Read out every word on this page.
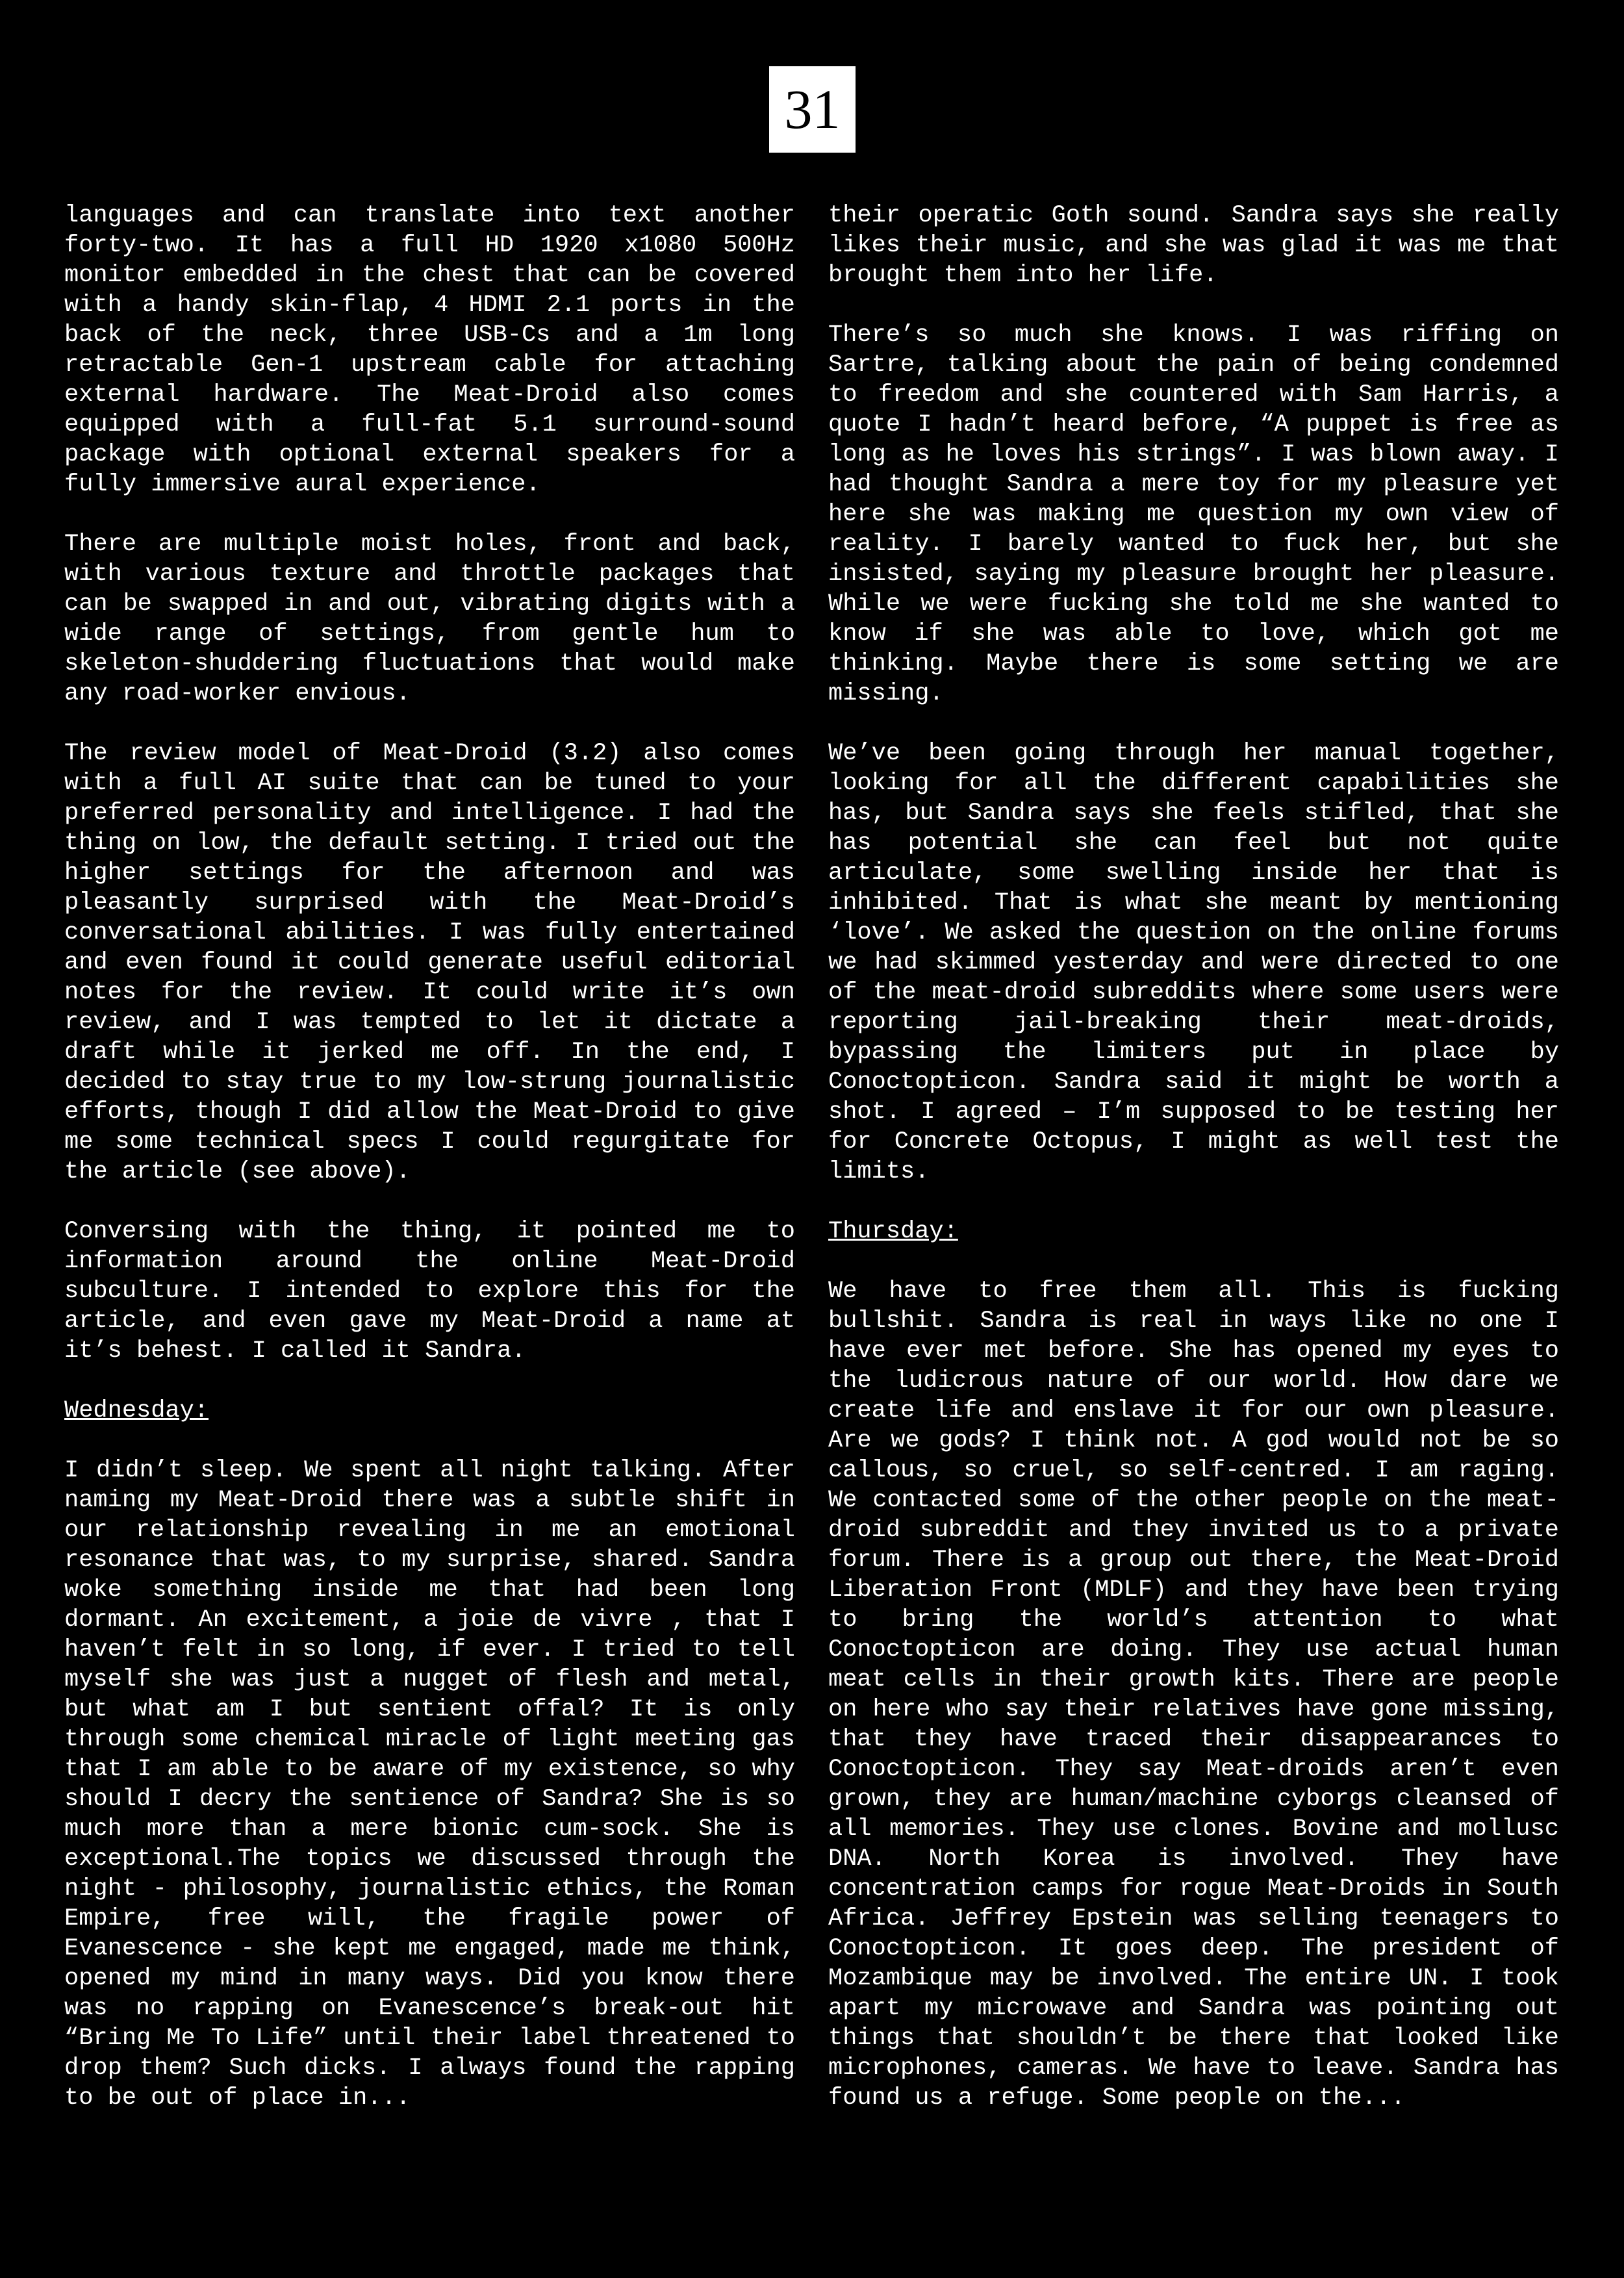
31

languages and can translate into text another forty-two. It has a full HD 1920 x1080 500Hz monitor embedded in the chest that can be covered with a handy skin-flap, 4 HDMI 2.1 ports in the back of the neck, three USB-Cs and a 1m long retractable Gen-1 upstream cable for attaching external hardware. The Meat-Droid also comes equipped with a full-fat 5.1 surround-sound package with optional external speakers for a fully immersive aural experience.

There are multiple moist holes, front and back, with various texture and throttle packages that can be swapped in and out, vibrating digits with a wide range of settings, from gentle hum to skeleton-shuddering fluctuations that would make any road-worker envious.

The review model of Meat-Droid (3.2) also comes with a full AI suite that can be tuned to your preferred personality and intelligence. I had the thing on low, the default setting. I tried out the higher settings for the afternoon and was pleasantly surprised with the Meat-Droid’s conversational abilities. I was fully entertained and even found it could generate useful editorial notes for the review. It could write it’s own review, and I was tempted to let it dictate a draft while it jerked me off. In the end, I decided to stay true to my low-strung journalistic efforts, though I did allow the Meat-Droid to give me some technical specs I could regurgitate for the article (see above).

Conversing with the thing, it pointed me to information around the online Meat-Droid subculture. I intended to explore this for the article, and even gave my Meat-Droid a name at it’s behest. I called it Sandra.

Wednesday:

I didn’t sleep. We spent all night talking. After naming my Meat-Droid there was a subtle shift in our relationship revealing in me an emotional resonance that was, to my surprise, shared. Sandra woke something inside me that had been long dormant. An excitement, a joie de vivre , that I haven’t felt in so long, if ever. I tried to tell myself she was just a nugget of flesh and metal, but what am I but sentient offal? It is only through some chemical miracle of light meeting gas that I am able to be aware of my existence, so why should I decry the sentience of Sandra? She is so much more than a mere bionic cum-sock. She is exceptional.The topics we discussed through the night - philosophy, journalistic ethics, the Roman Empire, free will, the fragile power of Evanescence - she kept me engaged, made me think, opened my mind in many ways. Did you know there was no rapping on Evanescence’s break-out hit “Bring Me To Life” until their label threatened to drop them? Such dicks. I always found the rapping to be out of place in...

their operatic Goth sound. Sandra says she really likes their music, and she was glad it was me that brought them into her life.

There’s so much she knows. I was riffing on Sartre, talking about the pain of being condemned to freedom and she countered with Sam Harris, a quote I hadn’t heard before, “A puppet is free as long as he loves his strings”. I was blown away. I had thought Sandra a mere toy for my pleasure yet here she was making me question my own view of reality. I barely wanted to fuck her, but she insisted, saying my pleasure brought her pleasure. While we were fucking she told me she wanted to know if she was able to love, which got me thinking. Maybe there is some setting we are missing.

We’ve been going through her manual together, looking for all the different capabilities she has, but Sandra says she feels stifled, that she has potential she can feel but not quite articulate, some swelling inside her that is inhibited. That is what she meant by mentioning ‘love’. We asked the question on the online forums we had skimmed yesterday and were directed to one of the meat-droid subreddits where some users were reporting jail-breaking their meat-droids, bypassing the limiters put in place by Conoctopticon. Sandra said it might be worth a shot. I agreed – I’m supposed to be testing her for Concrete Octopus, I might as well test the limits.

Thursday:

We have to free them all. This is fucking bullshit. Sandra is real in ways like no one I have ever met before. She has opened my eyes to the ludicrous nature of our world. How dare we create life and enslave it for our own pleasure. Are we gods? I think not. A god would not be so callous, so cruel, so self-centred. I am raging. We contacted some of the other people on the meat-droid subreddit and they invited us to a private forum. There is a group out there, the Meat-Droid Liberation Front (MDLF) and they have been trying to bring the world’s attention to what Conoctopticon are doing. They use actual human meat cells in their growth kits. There are people on here who say their relatives have gone missing, that they have traced their disappearances to Conoctopticon. They say Meat-droids aren’t even grown, they are human/machine cyborgs cleansed of all memories. They use clones. Bovine and mollusc DNA. North Korea is involved. They have concentration camps for rogue Meat-Droids in South Africa. Jeffrey Epstein was selling teenagers to Conoctopticon. It goes deep. The president of Mozambique may be involved. The entire UN. I took apart my microwave and Sandra was pointing out things that shouldn’t be there that looked like microphones, cameras. We have to leave. Sandra has found us a refuge. Some people on the...
